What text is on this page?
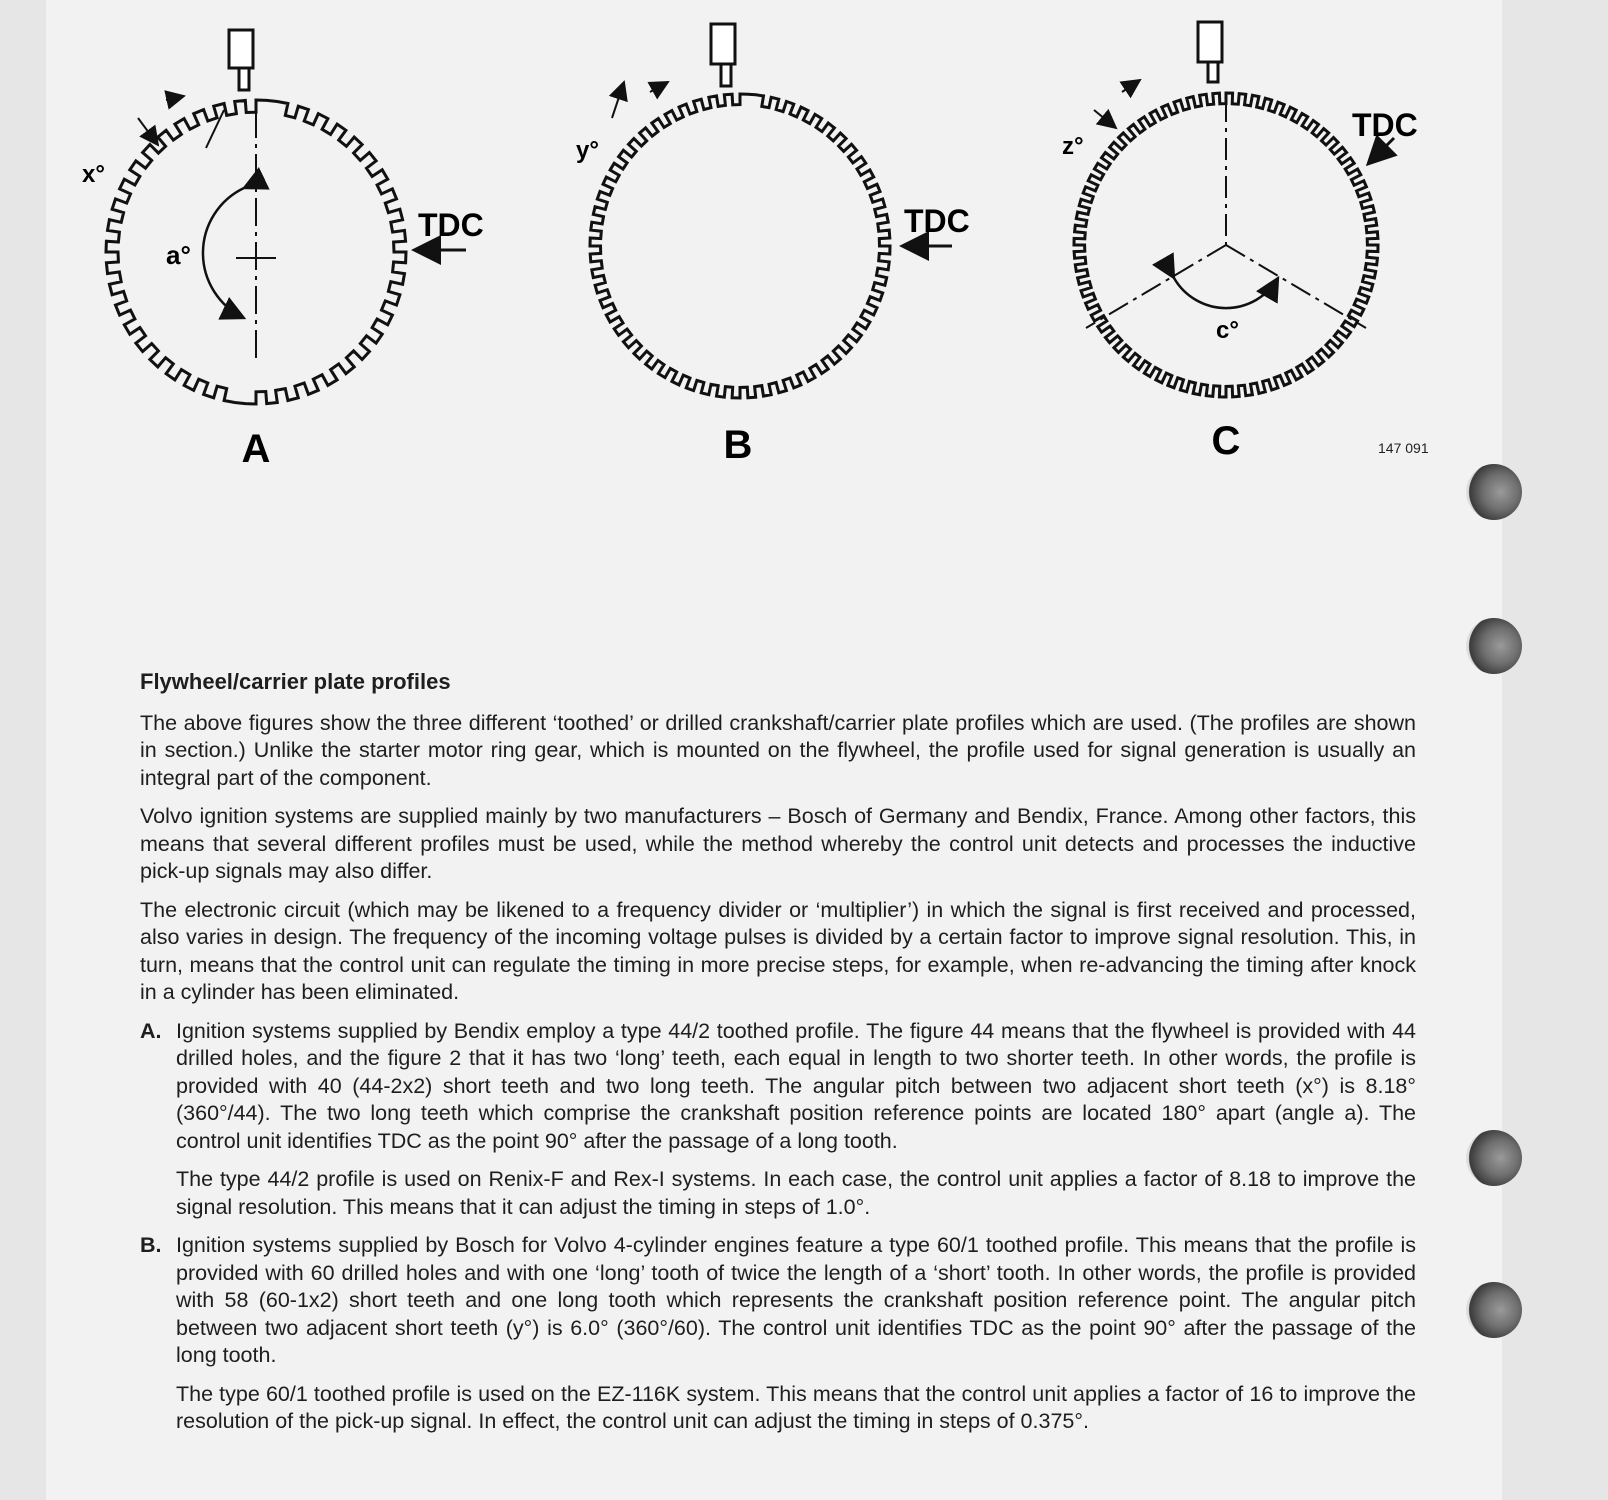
A
TDC
x°
a°
B
TDC
y°
C
TDC
z°
c°
147 091
Flywheel/carrier plate profiles

The above figures show the three different ‘toothed’ or drilled crankshaft/carrier plate profiles which are used. (The profiles are shown in section.) Unlike the starter motor ring gear, which is mounted on the flywheel, the profile used for signal generation is usually an integral part of the component.

Volvo ignition systems are supplied mainly by two manufacturers – Bosch of Germany and Bendix, France. Among other factors, this means that several different profiles must be used, while the method whereby the control unit detects and processes the inductive pick-up signals may also differ.

The electronic circuit (which may be likened to a frequency divider or ‘multiplier’) in which the signal is first received and processed, also varies in design. The frequency of the incoming voltage pulses is divided by a certain factor to improve signal resolution. This, in turn, means that the control unit can regulate the timing in more precise steps, for example, when re-advancing the timing after knock in a cylinder has been eliminated.

A. Ignition systems supplied by Bendix employ a type 44/2 toothed profile. The figure 44 means that the flywheel is provided with 44 drilled holes, and the figure 2 that it has two ‘long’ teeth, each equal in length to two shorter teeth. In other words, the profile is provided with 40 (44-2x2) short teeth and two long teeth. The angular pitch between two adjacent short teeth (x°) is 8.18° (360°/44). The two long teeth which comprise the crankshaft position reference points are located 180° apart (angle a). The control unit identifies TDC as the point 90° after the passage of a long tooth.

The type 44/2 profile is used on Renix-F and Rex-I systems. In each case, the control unit applies a factor of 8.18 to improve the signal resolution. This means that it can adjust the timing in steps of 1.0°.

B. Ignition systems supplied by Bosch for Volvo 4-cylinder engines feature a type 60/1 toothed profile. This means that the profile is provided with 60 drilled holes and with one ‘long’ tooth of twice the length of a ‘short’ tooth. In other words, the profile is provided with 58 (60-1x2) short teeth and one long tooth which represents the crankshaft position reference point. The angular pitch between two adjacent short teeth (y°) is 6.0° (360°/60). The control unit identifies TDC as the point 90° after the passage of the long tooth.

The type 60/1 toothed profile is used on the EZ-116K system. This means that the control unit applies a factor of 16 to improve the resolution of the pick-up signal. In effect, the control unit can adjust the timing in steps of 0.375°.
